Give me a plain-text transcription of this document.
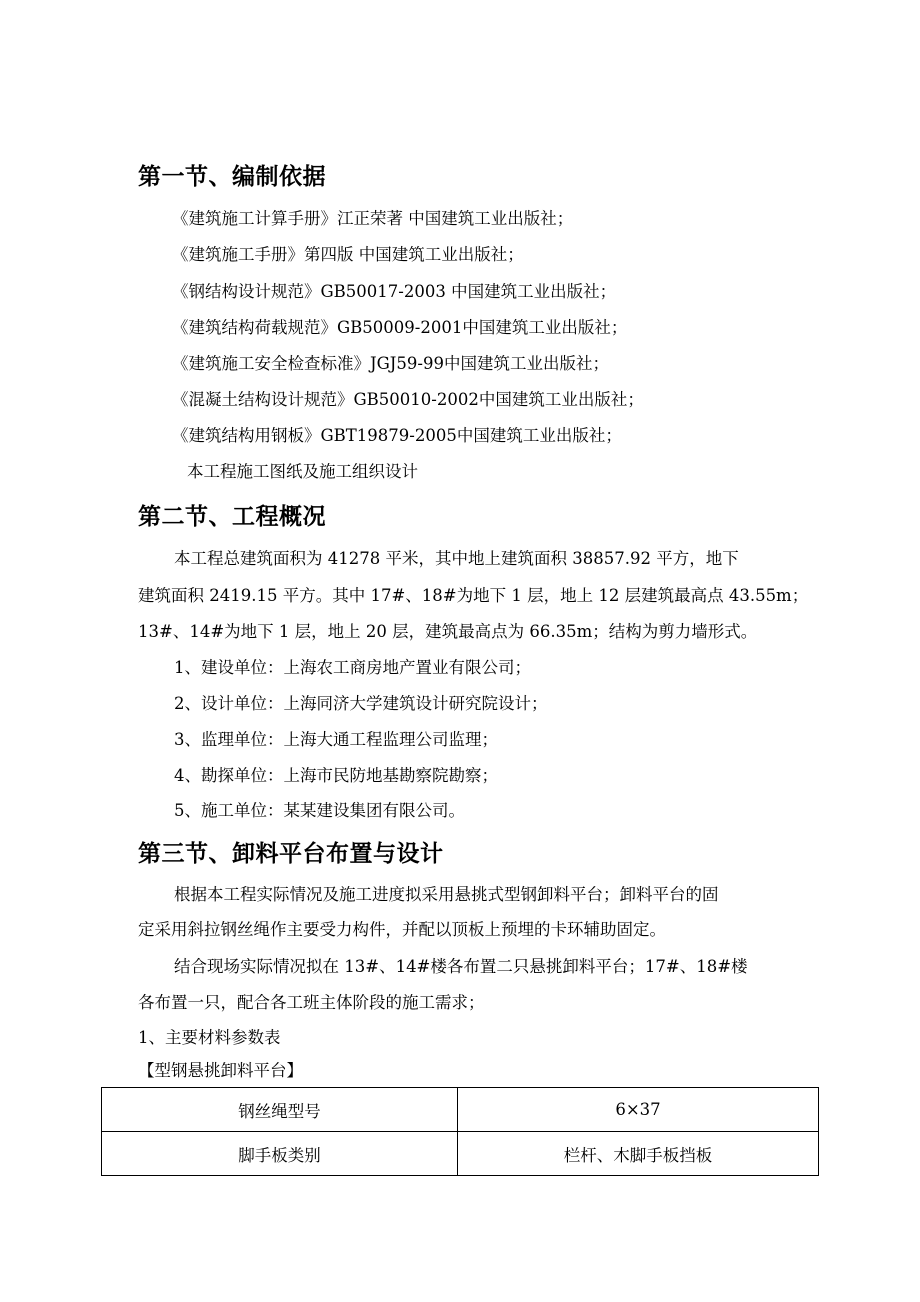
第一节、编制依据
《建筑施工计算手册》江正荣著 中国建筑工业出版社；
《建筑施工手册》第四版 中国建筑工业出版社；
《钢结构设计规范》GB50017-2003 中国建筑工业出版社；
《建筑结构荷载规范》GB50009-2001中国建筑工业出版社；
《建筑施工安全检查标准》JGJ59-99中国建筑工业出版社；
《混凝土结构设计规范》GB50010-2002中国建筑工业出版社；
《建筑结构用钢板》GBT19879-2005中国建筑工业出版社；
本工程施工图纸及施工组织设计
第二节、工程概况
本工程总建筑面积为 41278 平米，其中地上建筑面积 38857.92 平方，地下
建筑面积 2419.15 平方。其中 17#、18#为地下 1 层，地上 12 层建筑最高点 43.55m；
13#、14#为地下 1 层，地上 20 层，建筑最高点为 66.35m；结构为剪力墙形式。
1、建设单位：上海农工商房地产置业有限公司；
2、设计单位：上海同济大学建筑设计研究院设计；
3、监理单位：上海大通工程监理公司监理；
4、勘探单位：上海市民防地基勘察院勘察；
5、施工单位：某某建设集团有限公司。
第三节、卸料平台布置与设计
根据本工程实际情况及施工进度拟采用悬挑式型钢卸料平台；卸料平台的固
定采用斜拉钢丝绳作主要受力构件，并配以顶板上预埋的卡环辅助固定。
结合现场实际情况拟在 13#、14#楼各布置二只悬挑卸料平台；17#、18#楼
各布置一只，配合各工班主体阶段的施工需求；
1、主要材料参数表
【型钢悬挑卸料平台】
钢丝绳型号	6×37
脚手板类别	栏杆、木脚手板挡板
